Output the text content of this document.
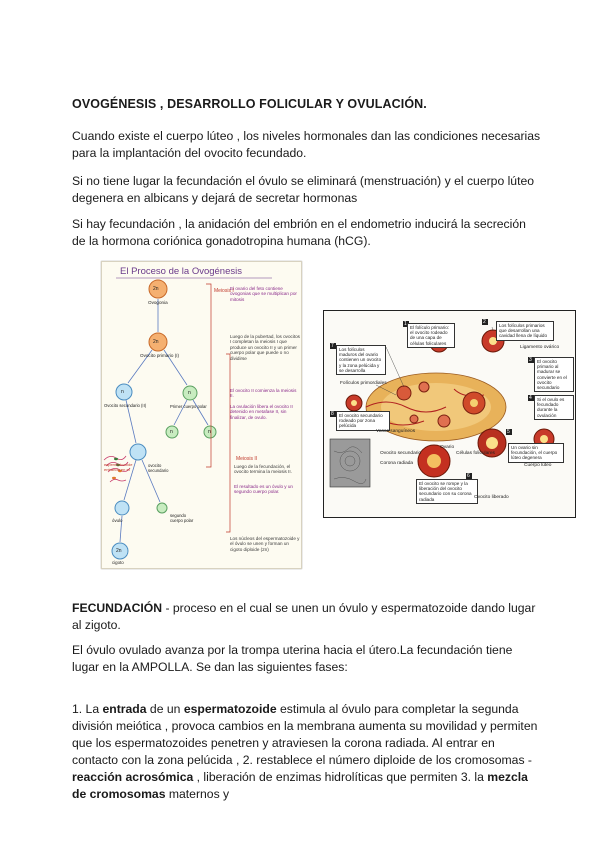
OVOGÉNESIS , DESARROLLO FOLICULAR Y OVULACIÓN.
Cuando existe el cuerpo lúteo , los niveles hormonales dan las condiciones necesarias para la implantación del ovocito fecundado.
Si no tiene lugar la fecundación el óvulo se eliminará (menstruación) y el cuerpo lúteo degenera en albicans y dejará de secretar hormonas
Si hay fecundación , la anidación del embrión en el endometrio inducirá la secreción de la hormona coriónica gonadotropina humana (hCG).
El Proceso de la Ovogénesis
Meiosis I
Meiosis II
2n
2n
n	n
n	n
2n
Ovogonia
Ovocito primario (I)
Ovocito secundario (II)	Primer cuerpo polar
espermatozoide entrando en el
ovocito secundario
óvulo
segundo cuerpo polar
cigoto
El ovario del feto contiene ovogonias que se multiplican por mitosis
Luego de la pubertad, los ovocitos I completan la meiosis I que produce un ovocito II y un primer cuerpo polar que puede o no dividirse
El ovocito II comienza la meiosis II.
La ovulación libera el ovocito II detenido en metafase II, sin finalizar, de ovulo.
Luego de la fecundación, el ovocito termina la meiosis II.
El resultado es un óvulo y un segundo cuerpo polar.
Los núcleos del espermatozoide y el óvulo se unen y forman un cigoto diploide (2n)
El folículo primario: el ovocito rodeado de una capa de células foliculares
Los folículos primarios que desarrollan una cavidad llena de líquido
Los folículos maduros del ovario contienen un ovocito y la zona pelúcida y se desarrolla
El ovocito secundario rodeado por zona pelúcida
El ovocito primario al madurar se convierte en el ovocito secundario
Si el ovulo es fecundado durante la ovulación
Un ovario sin fecundación, el cuerpo lúteo degenera
El ovocito se rompe y la liberación del ovocito secundario con su corona radiada	Ovocito liberado
Ligamento ovárico
Folículos primordiales
Vasos sanguíneos
Cuerpo lúteo
Ovario
Células foliculares
Ovocito secundario
Corona radiada
1	2
3
4
5
6
7
8
FECUNDACIÓN - proceso en el cual se unen un óvulo y espermatozoide dando lugar al zigoto.
El óvulo ovulado avanza por la trompa uterina hacia el útero.La fecundación tiene lugar en la AMPOLLA. Se dan las siguientes fases:
1. La entrada de un espermatozoide estimula al óvulo para completar la segunda división meiótica , provoca cambios en la membrana aumenta su movilidad y permiten que los espermatozoides penetren y atraviesen la corona radiada. Al entrar en contacto con la zona pelúcida , 2. restablece el número diploide de los cromosomas - reacción acrosómica , liberación de enzimas hidrolíticas que permiten 3. la mezcla de cromosomas maternos y
